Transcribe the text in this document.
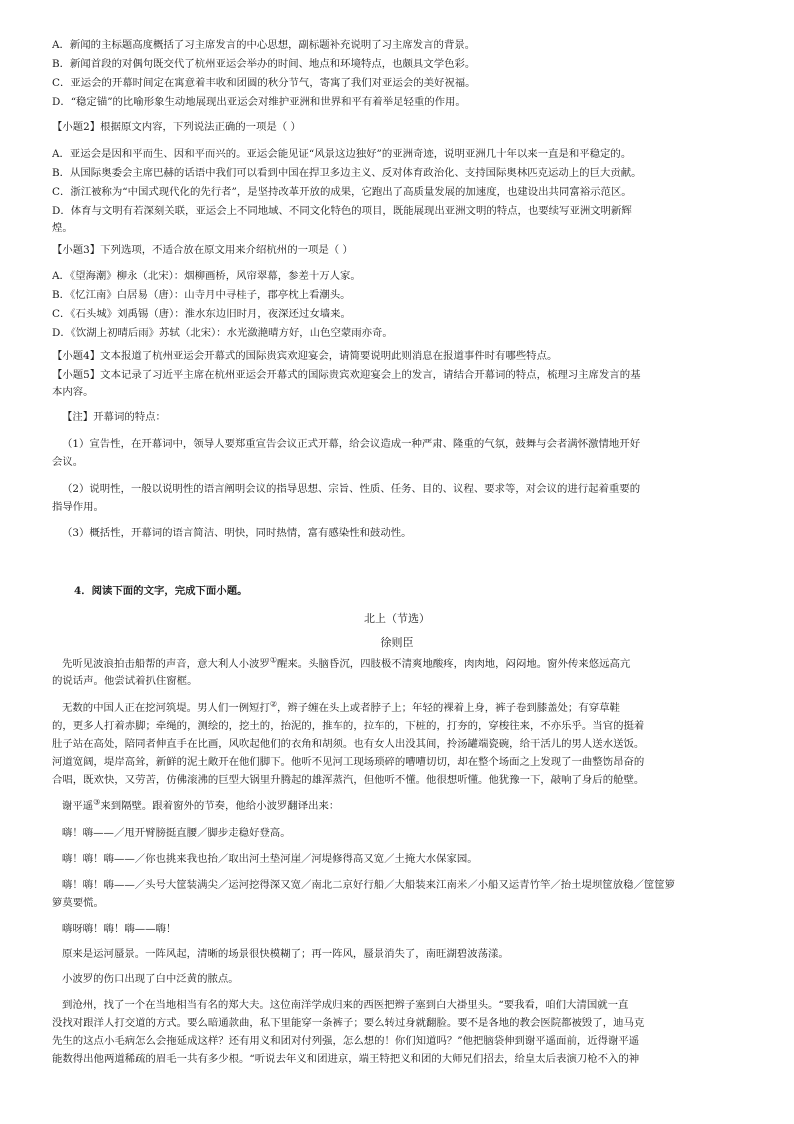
A．新闻的主标题高度概括了习主席发言的中心思想，副标题补充说明了习主席发言的背景。
B．新闻首段的对偶句既交代了杭州亚运会举办的时间、地点和环境特点，也颇具文学色彩。
C．亚运会的开幕时间定在寓意着丰收和团圆的秋分节气，寄寓了我们对亚运会的美好祝福。
D．“稳定锚”的比喻形象生动地展现出亚运会对维护亚洲和世界和平有着举足轻重的作用。
【小题2】根据原文内容，下列说法正确的一项是（ ）
A．亚运会是因和平而生、因和平而兴的。亚运会能见证“风景这边独好”的亚洲奇迹，说明亚洲几十年以来一直是和平稳定的。
B．从国际奥委会主席巴赫的话语中我们可以看到中国在捍卫多边主义、反对体育政治化、支持国际奥林匹克运动上的巨大贡献。
C．浙江被称为“中国式现代化的先行者”，是坚持改革开放的成果，它跑出了高质量发展的加速度，也建设出共同富裕示范区。
D．体育与文明有若深刻关联，亚运会上不同地域、不同文化特色的项目，既能展现出亚洲文明的特点，也要续写亚洲文明新辉
煌。
【小题3】下列选项，不适合放在原文用来介绍杭州的一项是（ ）
A．《望海潮》柳永（北宋）：烟柳画桥，风帘翠幕，参差十万人家。
B．《忆江南》白居易（唐）：山寺月中寻桂子，郡亭枕上看潮头。
C．《石头城》刘禹锡（唐）：淮水东边旧时月，夜深还过女墙来。
D．《饮湖上初晴后雨》苏轼（北宋）：水光潋滟晴方好，山色空蒙雨亦奇。
【小题4】文本报道了杭州亚运会开幕式的国际贵宾欢迎宴会，请简要说明此则消息在报道事件时有哪些特点。
【小题5】文本记录了习近平主席在杭州亚运会开幕式的国际贵宾欢迎宴会上的发言，请结合开幕词的特点，梳理习主席发言的基
本内容。
【注】开幕词的特点：
（1）宣告性，在开幕词中，领导人要郑重宣告会议正式开幕，给会议造成一种严肃、隆重的气氛，鼓舞与会者满怀激情地开好
会议。
（2）说明性，一般以说明性的语言阐明会议的指导思想、宗旨、性质、任务、目的、议程、要求等，对会议的进行起着重要的
指导作用。
（3）概括性，开幕词的语言简洁、明快，同时热情，富有感染性和鼓动性。
4．阅读下面的文字，完成下面小题。
北上（节选）
徐则臣
先听见波浪拍击船帮的声音，意大利人小波罗①醒来。头脑昏沉，四肢极不清爽地酸疼，肉肉地，闷闷地。窗外传来悠远高亢
的说话声。他尝试着扒住窗框。
无数的中国人正在挖河筑堤。男人们一例短打②，辫子缠在头上或者脖子上；年轻的裸着上身，裤子卷到膝盖处；有穿草鞋
的，更多人打着赤脚；牵绳的，测绘的，挖土的，抬泥的，推车的，拉车的，下桩的，打夯的，穿梭往来，不亦乐乎。当官的挺着
肚子站在高处，陪同者伸直手在比画，风吹起他们的衣角和胡须。也有女人出没其间，拎汤罐端瓷碗，给干活儿的男人送水送饭。
河道宽阔，堤岸高耸，新鲜的泥土敞开在他们脚下。他听不见河工现场琐碎的嘈嘈切切，却在整个场面之上发现了一曲整饬昂奋的
合唱，既欢快，又劳苦，仿佛滚沸的巨型大锅里升腾起的雄浑蒸汽，但他听不懂。他很想听懂。他犹豫一下，敲响了身后的舱壁。
谢平遥③来到隔壁。跟着窗外的节奏，他给小波罗翻译出来：
嗨！嗨——／甩开臂膀挺直腰／脚步走稳好登高。
嗨！嗨！嗨——／你也挑来我也抬／取出河土垫河崖／河堤修得高又宽／土掩大水保家园。
嗨！嗨！嗨——／头号大筐装满尖／运河挖得深又宽／南北二京好行船／大船装来江南米／小船又运青竹竿／抬土堤坝筐放稳／筐筐箩
箩莫要慌。
嗨呀嗨！嗨！嗨——嗨！
原来是运河蜃景。一阵风起，清晰的场景很快模糊了；再一阵风，蜃景消失了，南旺湖碧波荡漾。
小波罗的伤口出现了白中泛黄的脓点。
到沧州，找了一个在当地相当有名的郑大夫。这位南洋学成归来的西医把辫子塞到白大褂里头。“要我看，咱们大清国就一直
没找对跟洋人打交道的方式。要么暗通款曲，私下里能穿一条裤子；要么转过身就翻脸。要不是各地的教会医院都被毁了，迪马克
先生的这点小毛病怎么会拖延成这样？还有用义和团对付列强，怎么想的！你们知道吗？”他把脑袋伸到谢平遥面前，近得谢平遥
能数得出他两道稀疏的眉毛一共有多少根。“听说去年义和团进京，端王特把义和团的大师兄们招去，给皇太后表演刀枪不入的神
